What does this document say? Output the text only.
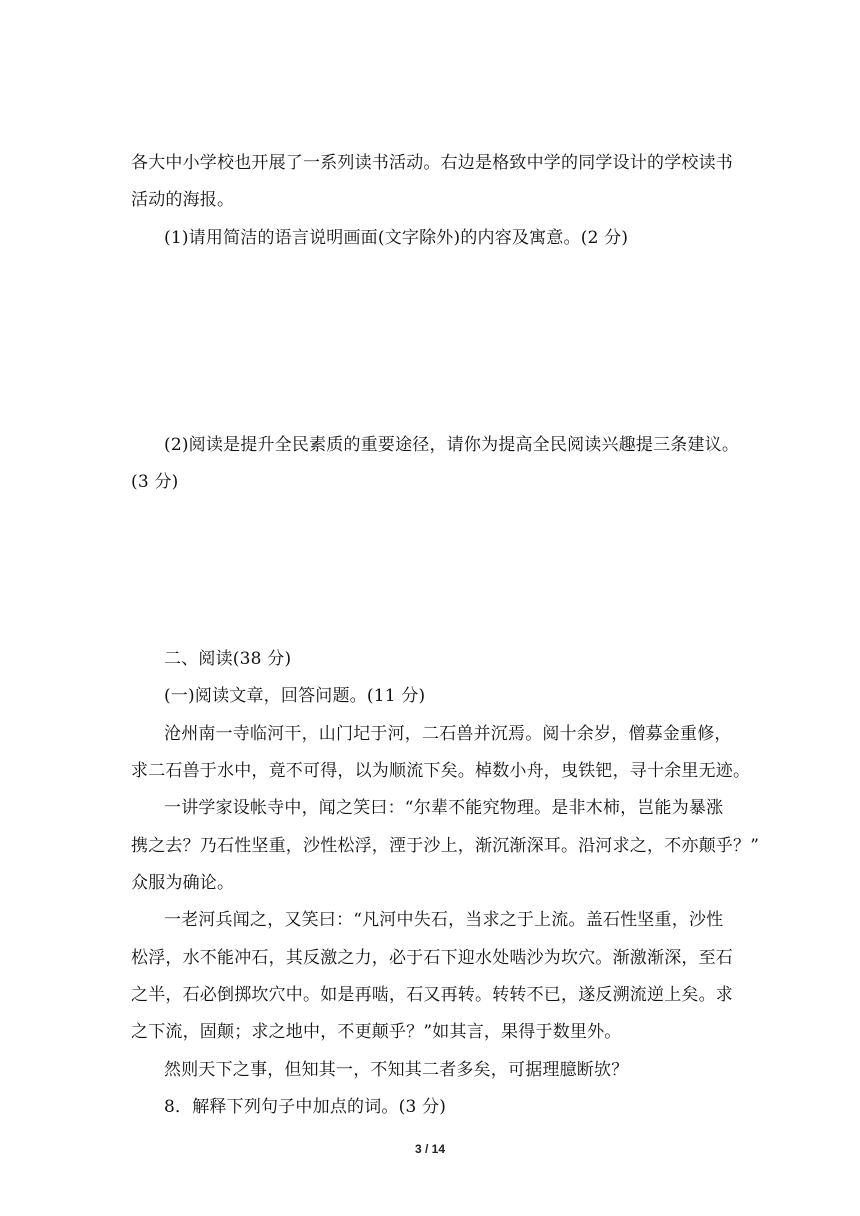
各大中小学校也开展了一系列读书活动。右边是格致中学的同学设计的学校读书
活动的海报。
(1)请用简洁的语言说明画面(文字除外)的内容及寓意。(2 分)
(2)阅读是提升全民素质的重要途径，请你为提高全民阅读兴趣提三条建议。
(3 分)
二、阅读(38 分)
(一)阅读文章，回答问题。(11 分)
沧州南一寺临河干，山门圮于河，二石兽并沉焉。阅十余岁，僧募金重修，
求二石兽于水中，竟不可得，以为顺流下矣。棹数小舟，曳铁钯，寻十余里无迹。
一讲学家设帐寺中，闻之笑曰：“尔辈不能究物理。是非木柿，岂能为暴涨
携之去？乃石性坚重，沙性松浮，湮于沙上，渐沉渐深耳。沿河求之，不亦颠乎？”
众服为确论。
一老河兵闻之，又笑曰：“凡河中失石，当求之于上流。盖石性坚重，沙性
松浮，水不能冲石，其反激之力，必于石下迎水处啮沙为坎穴。渐激渐深，至石
之半，石必倒掷坎穴中。如是再啮，石又再转。转转不已，遂反溯流逆上矣。求
之下流，固颠；求之地中，不更颠乎？”如其言，果得于数里外。
然则天下之事，但知其一，不知其二者多矣，可据理臆断欤？
8．解释下列句子中加点的词。(3 分)
3 / 14
